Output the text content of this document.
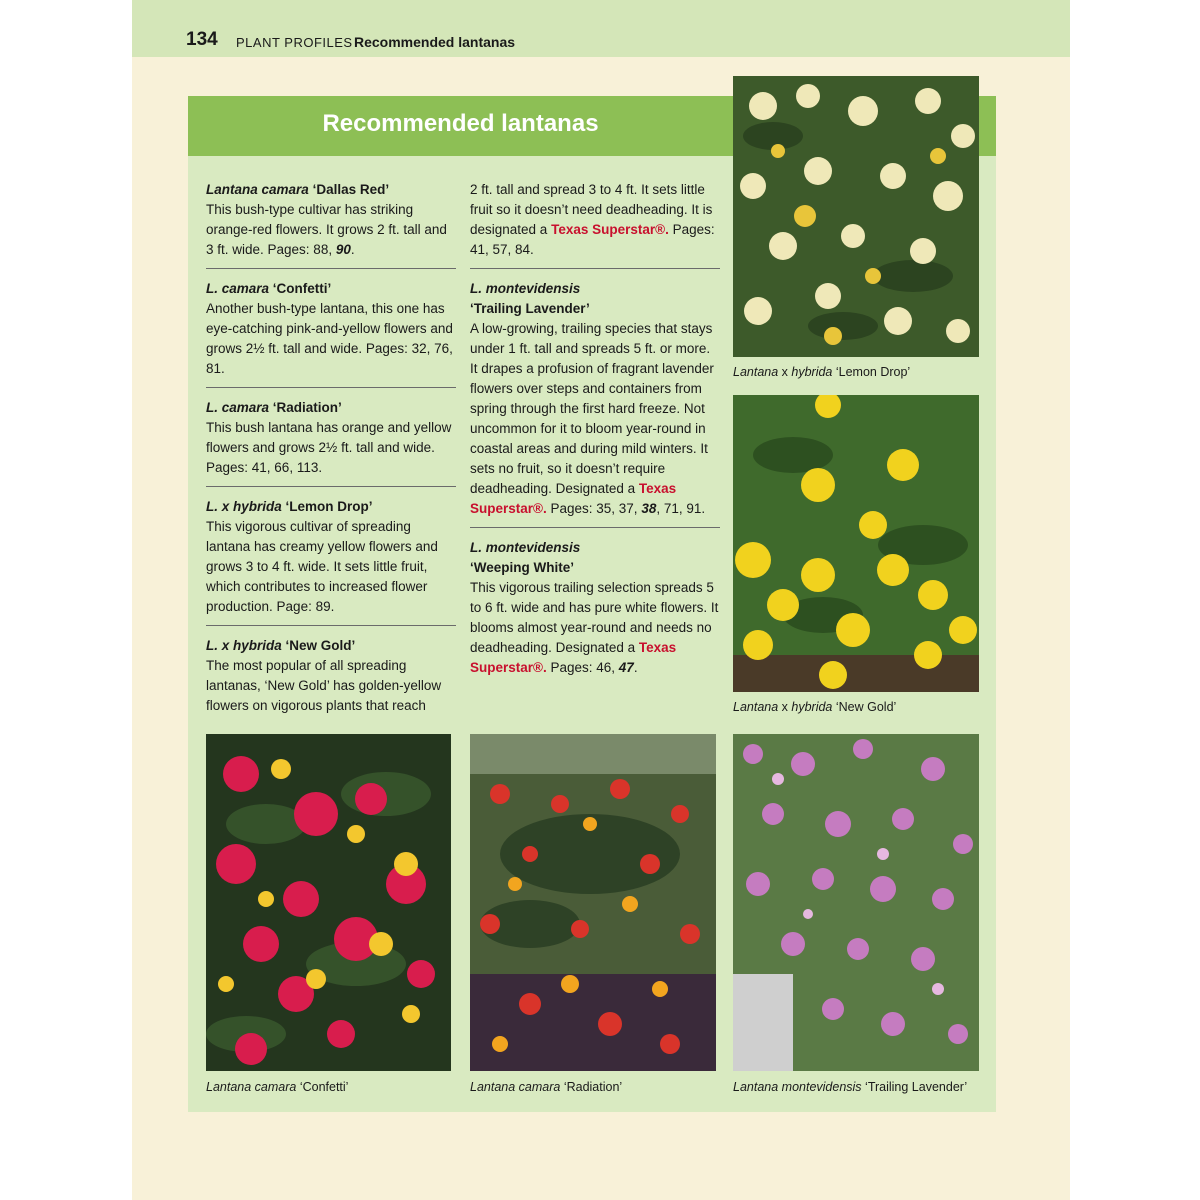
134 PLANT PROFILES Recommended lantanas
Recommended lantanas
Lantana camara ‘Dallas Red’
This bush-type cultivar has striking orange-red flowers. It grows 2 ft. tall and 3 ft. wide. Pages: 88, 90.
L. camara ‘Confetti’
Another bush-type lantana, this one has eye-catching pink-and-yellow flowers and grows 2½ ft. tall and wide. Pages: 32, 76, 81.
L. camara ‘Radiation’
This bush lantana has orange and yellow flowers and grows 2½ ft. tall and wide. Pages: 41, 66, 113.
L. x hybrida ‘Lemon Drop’
This vigorous cultivar of spreading lantana has creamy yellow flowers and grows 3 to 4 ft. wide. It sets little fruit, which contributes to increased flower production. Page: 89.
L. x hybrida ‘New Gold’
The most popular of all spreading lantanas, ‘New Gold’ has golden-yellow flowers on vigorous plants that reach
2 ft. tall and spread 3 to 4 ft. It sets little fruit so it doesn’t need deadheading. It is designated a Texas Superstar®. Pages: 41, 57, 84.
L. montevidensis
‘Trailing Lavender’
A low-growing, trailing species that stays under 1 ft. tall and spreads 5 ft. or more. It drapes a profusion of fragrant lavender flowers over steps and containers from spring through the first hard freeze. Not uncommon for it to bloom year-round in coastal areas and during mild winters. It sets no fruit, so it doesn’t require deadheading. Designated a Texas Superstar®. Pages: 35, 37, 38, 71, 91.
L. montevidensis
‘Weeping White’
This vigorous trailing selection spreads 5 to 6 ft. wide and has pure white flowers. It blooms almost year-round and needs no deadheading. Designated a Texas Superstar®. Pages: 46, 47.
Lantana x hybrida ‘Lemon Drop’
Lantana x hybrida ‘New Gold’
Lantana camara ‘Confetti’	Lantana camara ‘Radiation’	Lantana montevidensis ‘Trailing Lavender’
